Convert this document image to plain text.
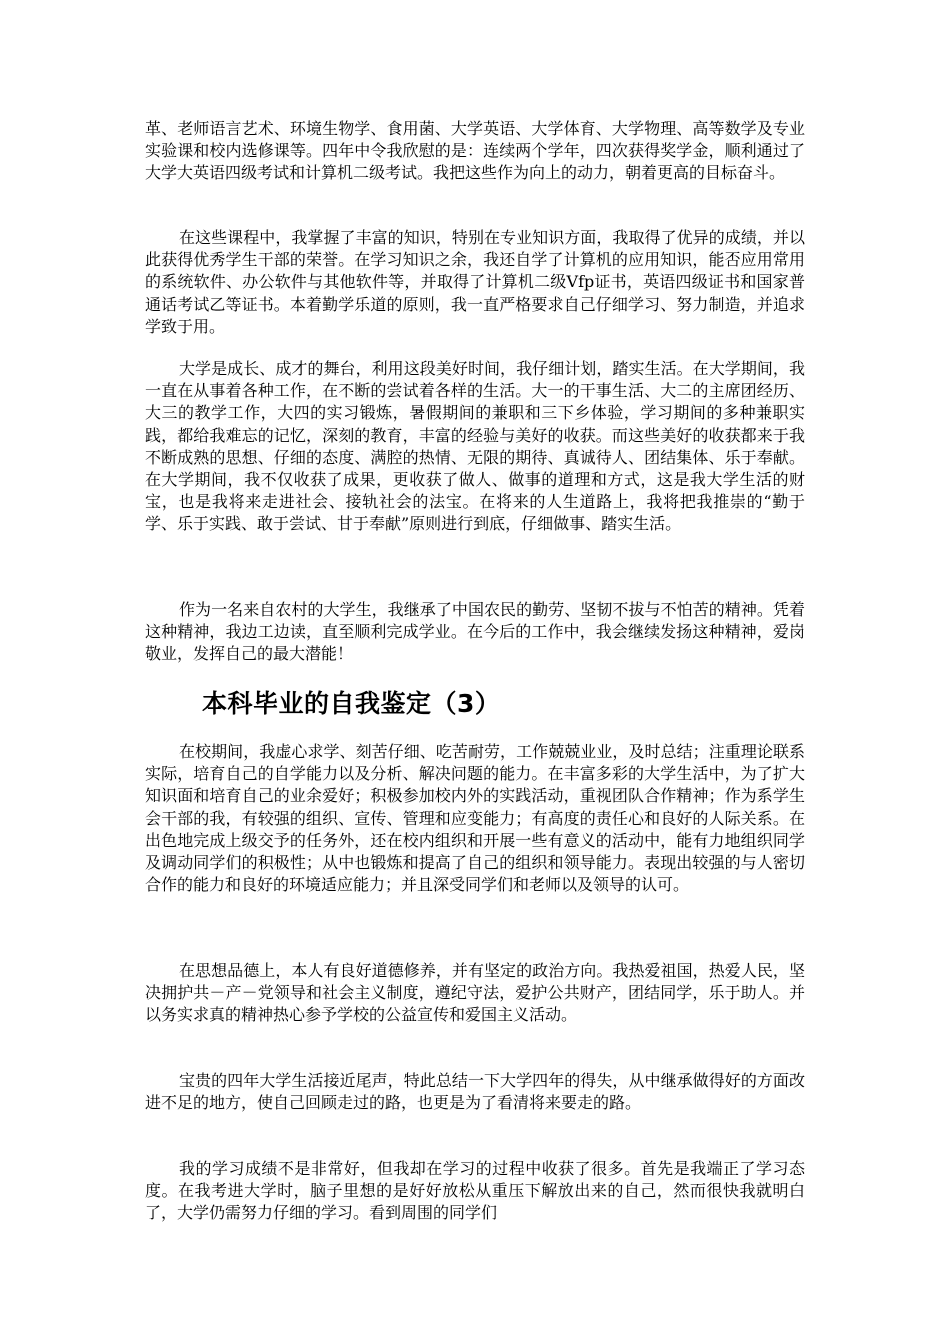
革、老师语言艺术、环境生物学、食用菌、大学英语、大学体育、大学物理、高等数学及专业实验课和校内选修课等。四年中令我欣慰的是：连续两个学年，四次获得奖学金，顺利通过了大学大英语四级考试和计算机二级考试。我把这些作为向上的动力，朝着更高的目标奋斗。

在这些课程中，我掌握了丰富的知识，特别在专业知识方面，我取得了优异的成绩，并以此获得优秀学生干部的荣誉。在学习知识之余，我还自学了计算机的应用知识，能否应用常用的系统软件、办公软件与其他软件等，并取得了计算机二级Vfp证书，英语四级证书和国家普通话考试乙等证书。本着勤学乐道的原则，我一直严格要求自己仔细学习、努力制造，并追求学致于用。

大学是成长、成才的舞台，利用这段美好时间，我仔细计划，踏实生活。在大学期间，我一直在从事着各种工作，在不断的尝试着各样的生活。大一的干事生活、大二的主席团经历、大三的教学工作，大四的实习锻炼，暑假期间的兼职和三下乡体验，学习期间的多种兼职实践，都给我难忘的记忆，深刻的教育，丰富的经验与美好的收获。而这些美好的收获都来于我不断成熟的思想、仔细的态度、满腔的热情、无限的期待、真诚待人、团结集体、乐于奉献。在大学期间，我不仅收获了成果，更收获了做人、做事的道理和方式，这是我大学生活的财宝，也是我将来走进社会、接轨社会的法宝。在将来的人生道路上，我将把我推崇的“勤于学、乐于实践、敢于尝试、甘于奉献”原则进行到底，仔细做事、踏实生活。

作为一名来自农村的大学生，我继承了中国农民的勤劳、坚韧不拔与不怕苦的精神。凭着这种精神，我边工边读，直至顺利完成学业。在今后的工作中，我会继续发扬这种精神，爱岗敬业，发挥自己的最大潜能！

本科毕业的自我鉴定（3）

在校期间，我虚心求学、刻苦仔细、吃苦耐劳，工作兢兢业业，及时总结；注重理论联系实际，培育自己的自学能力以及分析、解决问题的能力。在丰富多彩的大学生活中，为了扩大知识面和培育自己的业余爱好；积极参加校内外的实践活动，重视团队合作精神；作为系学生会干部的我，有较强的组织、宣传、管理和应变能力；有高度的责任心和良好的人际关系。在出色地完成上级交予的任务外，还在校内组织和开展一些有意义的活动中，能有力地组织同学及调动同学们的积极性；从中也锻炼和提高了自己的组织和领导能力。表现出较强的与人密切合作的能力和良好的环境适应能力；并且深受同学们和老师以及领导的认可。

在思想品德上，本人有良好道德修养，并有坚定的政治方向。我热爱祖国，热爱人民，坚决拥护共－产－党领导和社会主义制度，遵纪守法，爱护公共财产，团结同学，乐于助人。并以务实求真的精神热心参予学校的公益宣传和爱国主义活动。

宝贵的四年大学生活接近尾声，特此总结一下大学四年的得失，从中继承做得好的方面改进不足的地方，使自己回顾走过的路，也更是为了看清将来要走的路。

我的学习成绩不是非常好，但我却在学习的过程中收获了很多。首先是我端正了学习态度。在我考进大学时，脑子里想的是好好放松从重压下解放出来的自己，然而很快我就明白了，大学仍需努力仔细的学习。看到周围的同学们
